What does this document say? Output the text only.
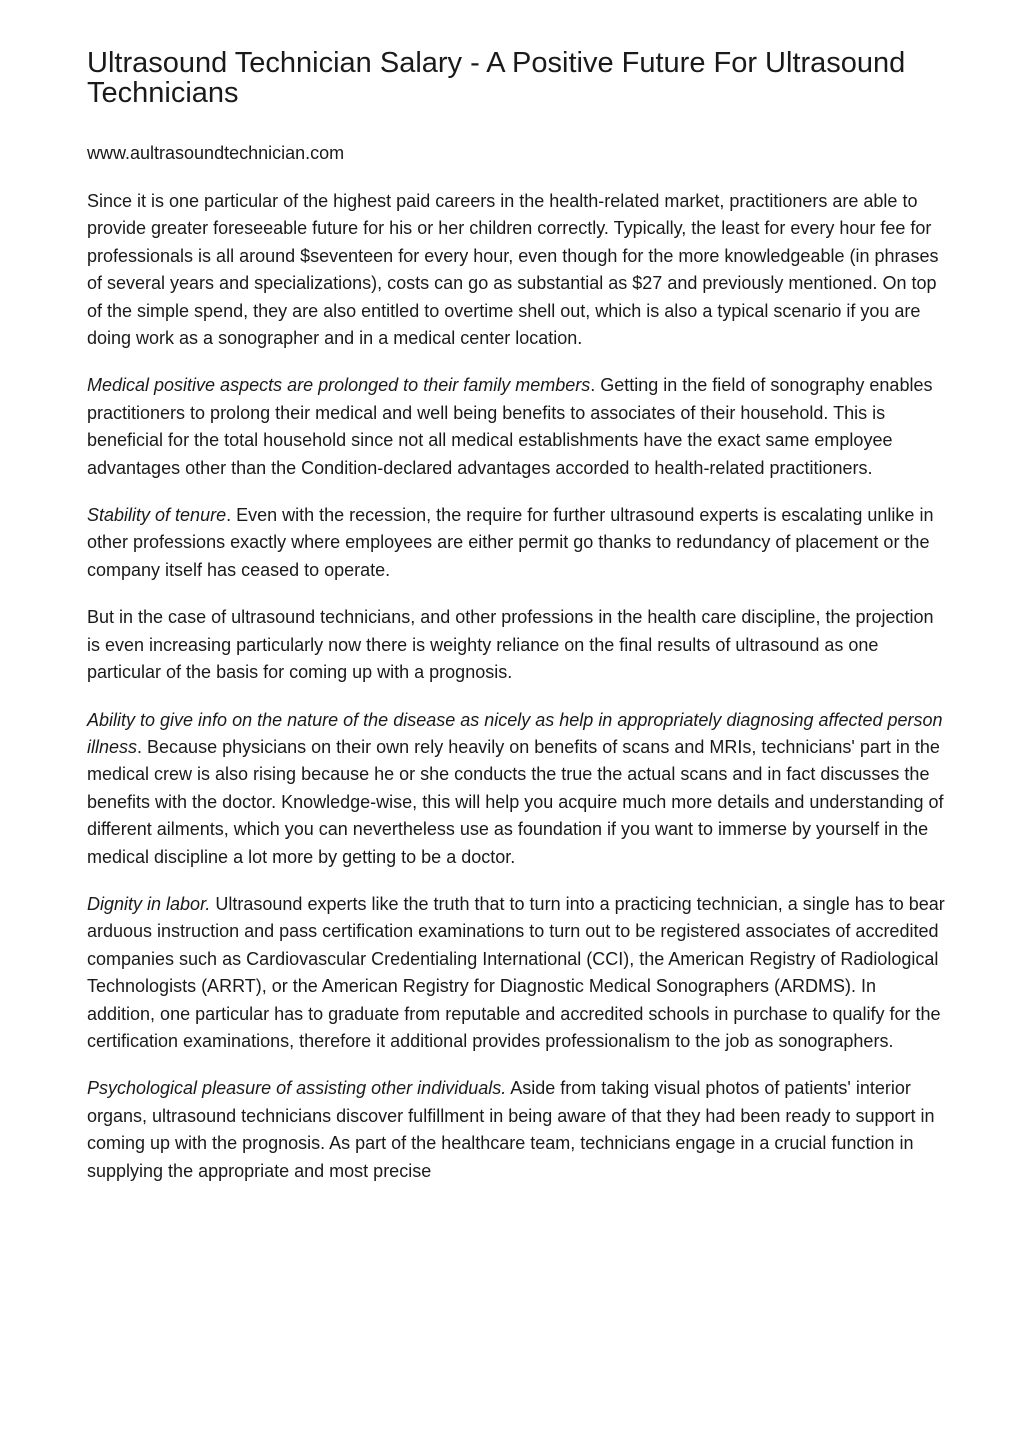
Ultrasound Technician Salary - A Positive Future For Ultrasound Technicians

www.aultrasoundtechnician.com

Since it is one particular of the highest paid careers in the health-related market, practitioners are able to provide greater foreseeable future for his or her children correctly. Typically, the least for every hour fee for professionals is all around $seventeen for every hour, even though for the more knowledgeable (in phrases of several years and specializations), costs can go as substantial as $27 and previously mentioned. On top of the simple spend, they are also entitled to overtime shell out, which is also a typical scenario if you are doing work as a sonographer and in a medical center location.

Medical positive aspects are prolonged to their family members. Getting in the field of sonography enables practitioners to prolong their medical and well being benefits to associates of their household. This is beneficial for the total household since not all medical establishments have the exact same employee advantages other than the Condition-declared advantages accorded to health-related practitioners.

Stability of tenure. Even with the recession, the require for further ultrasound experts is escalating unlike in other professions exactly where employees are either permit go thanks to redundancy of placement or the company itself has ceased to operate.

But in the case of ultrasound technicians, and other professions in the health care discipline, the projection is even increasing particularly now there is weighty reliance on the final results of ultrasound as one particular of the basis for coming up with a prognosis.

Ability to give info on the nature of the disease as nicely as help in appropriately diagnosing affected person illness. Because physicians on their own rely heavily on benefits of scans and MRIs, technicians' part in the medical crew is also rising because he or she conducts the true the actual scans and in fact discusses the benefits with the doctor. Knowledge-wise, this will help you acquire much more details and understanding of different ailments, which you can nevertheless use as foundation if you want to immerse by yourself in the medical discipline a lot more by getting to be a doctor.

Dignity in labor. Ultrasound experts like the truth that to turn into a practicing technician, a single has to bear arduous instruction and pass certification examinations to turn out to be registered associates of accredited companies such as Cardiovascular Credentialing International (CCI), the American Registry of Radiological Technologists (ARRT), or the American Registry for Diagnostic Medical Sonographers (ARDMS). In addition, one particular has to graduate from reputable and accredited schools in purchase to qualify for the certification examinations, therefore it additional provides professionalism to the job as sonographers.

Psychological pleasure of assisting other individuals. Aside from taking visual photos of patients' interior organs, ultrasound technicians discover fulfillment in being aware of that they had been ready to support in coming up with the prognosis. As part of the healthcare team, technicians engage in a crucial function in supplying the appropriate and most precise
